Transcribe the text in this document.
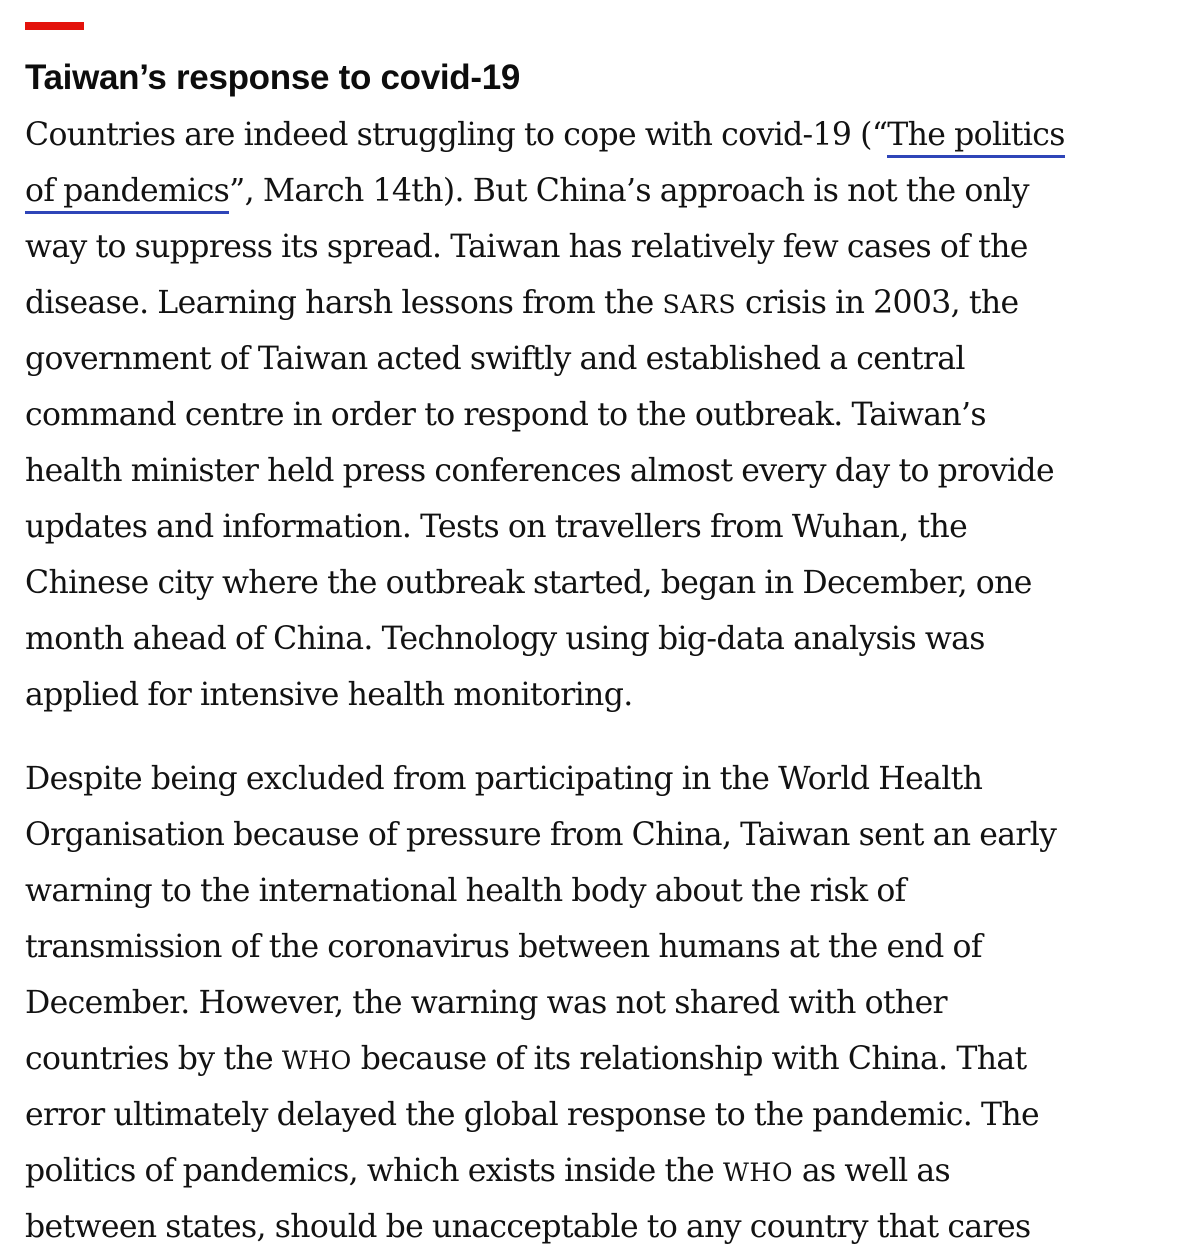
Taiwan’s response to covid-19

Countries are indeed struggling to cope with covid-19 (“The politics
of pandemics”, March 14th). But China’s approach is not the only
way to suppress its spread. Taiwan has relatively few cases of the
disease. Learning harsh lessons from the SARS crisis in 2003, the
government of Taiwan acted swiftly and established a central
command centre in order to respond to the outbreak. Taiwan’s
health minister held press conferences almost every day to provide
updates and information. Tests on travellers from Wuhan, the
Chinese city where the outbreak started, began in December, one
month ahead of China. Technology using big-data analysis was
applied for intensive health monitoring.

Despite being excluded from participating in the World Health
Organisation because of pressure from China, Taiwan sent an early
warning to the international health body about the risk of
transmission of the coronavirus between humans at the end of
December. However, the warning was not shared with other
countries by the WHO because of its relationship with China. That
error ultimately delayed the global response to the pandemic. The
politics of pandemics, which exists inside the WHO as well as
between states, should be unacceptable to any country that cares
